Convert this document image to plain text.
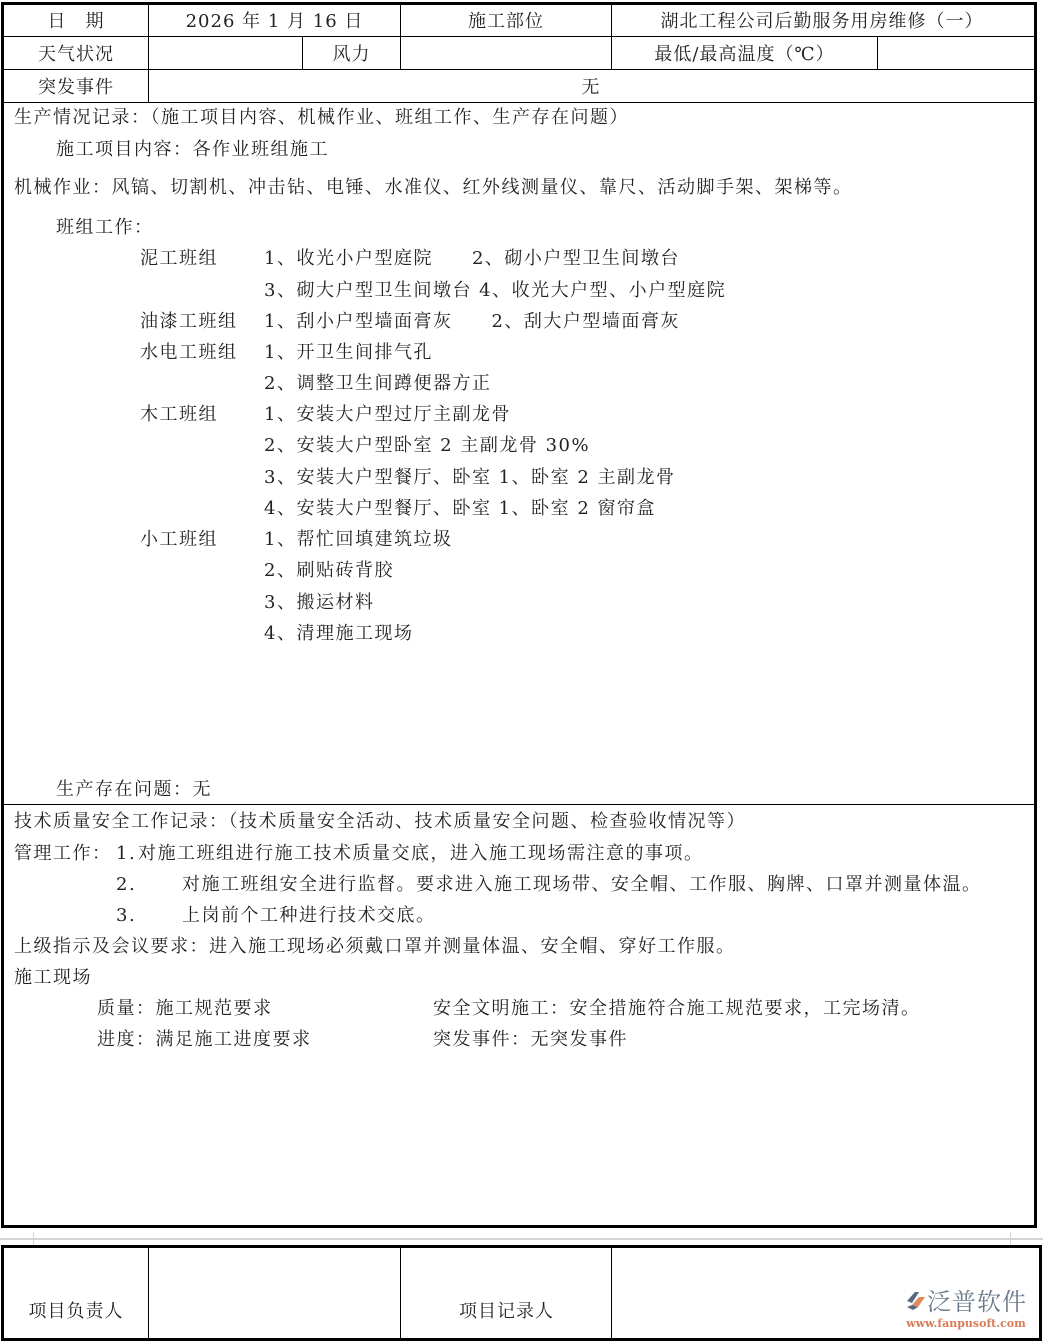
日　期	2026 年 1 月 16 日	施工部位	湖北工程公司后勤服务用房维修（一）
天气状况	风力	最低/最高温度（℃）
突发事件	无
生产情况记录：（施工项目内容、机械作业、班组工作、生产存在问题）
施工项目内容：各作业班组施工
机械作业：风镐、切割机、冲击钻、电锤、水准仪、红外线测量仪、靠尺、活动脚手架、架梯等。
班组工作：
泥工班组	1、收光小户型庭院　　2、砌小户型卫生间墩台
3、砌大户型卫生间墩台 4、收光大户型、小户型庭院
油漆工班组 1、刮小户型墙面膏灰　　2、刮大户型墙面膏灰
水电工班组 1、开卫生间排气孔
2、调整卫生间蹲便器方正
木工班组	1、安装大户型过厅主副龙骨
2、安装大户型卧室 2 主副龙骨 30%
3、安装大户型餐厅、卧室 1、卧室 2 主副龙骨
4、安装大户型餐厅、卧室 1、卧室 2 窗帘盒
小工班组	1、帮忙回填建筑垃圾
2、刷贴砖背胶
3、搬运材料
4、清理施工现场
生产存在问题：无
技术质量安全工作记录：（技术质量安全活动、技术质量安全问题、检查验收情况等）
管理工作： 1. 对施工班组进行施工技术质量交底，进入施工现场需注意的事项。
2.	对施工班组安全进行监督。要求进入施工现场带、安全帽、工作服、胸牌、口罩并测量体温。
3.	上岗前个工种进行技术交底。
上级指示及会议要求：进入施工现场必须戴口罩并测量体温、安全帽、穿好工作服。
施工现场
质量：施工规范要求	安全文明施工：安全措施符合施工规范要求，工完场清。
进度：满足施工进度要求	突发事件：无突发事件
项目负责人	项目记录人	泛普软件
www.fanpusoft.com
